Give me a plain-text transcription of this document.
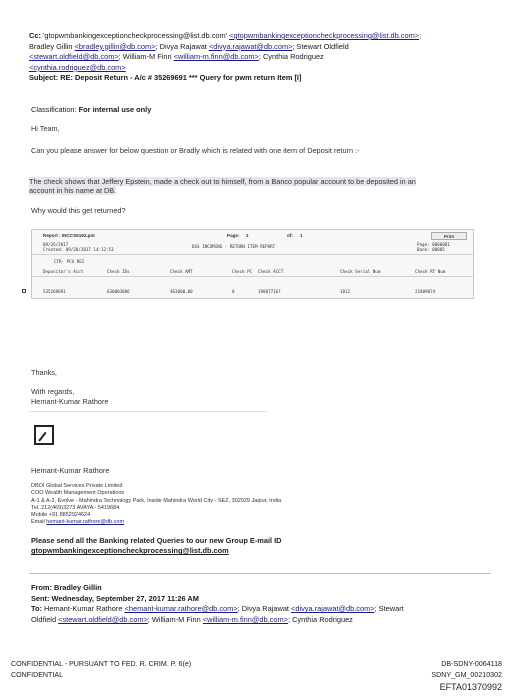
Cc: 'gtopwmbankingexceptioncheckprocessing@list.db.com' <gtopwmbankingexceptioncheckprocessing@list.db.com>;
Bradley Gillin <bradley.gillin@db.com>; Divya Rajawat <divya.rajawat@db.com>; Stewart Oldfield
<stewart.oldfield@db.com>; William-M Finn <william-m.finn@db.com>; Cynthia Rodriguez
<cynthia.rodriguez@db.com>
Subject: RE: Deposit Return - A/c # 35269691 *** Query for pwm return Item [I]
Classification: For internal use only
Hi Team,
Can you please answer for below question or Bradly which is related with one item of Deposit return :-
The check shows that Jeffery Epstein, made a check out to himself, from a Banco popular account to be deposited in an
account in his name at DB.
Why would this get returned?
Report : INCCS5192.pnt	Page: 1	of: 1	Print
09/26/2017
Created: 09/28/2017 14:12:53
DSS INCOMING - RETURN ITEM REPORT	Page: 0000001
Bank: 00005
CTR- PCU REI
Depositor's Acct	Check IDs	Check AMT	Check PC Check ACCT	Check Serial Num	Check RT Num
535269691	630003886	463000.00	0	190077167	1012	21809874
Thanks,
With regards,
Hemant-Kumar Rathore
Hemant-Kumar Rathore
DBOI Global Services Private Limited
COO Wealth Management Operations
A-1 & A-2, Evolve - Mahindra Technology Park, Inside Mahindra World City - SEZ, 302029 Jaipur, India
Tel. 212(469)3273 AVAYA - 5419684
Mobile +91 8852924624
Email hemant-kumar.rathore@db.com
Please send all the Banking related Queries to our new Group E-mail ID
gtopwmbankingexceptioncheckprocessing@list.db.com
From: Bradley Gillin
Sent: Wednesday, September 27, 2017 11:26 AM
To: Hemant-Kumar Rathore <hemant-kumar.rathore@db.com>; Divya Rajawat <divya.rajawat@db.com>; Stewart
Oldfield <stewart.oldfield@db.com>; William-M Finn <william-m.finn@db.com>; Cynthia Rodriguez
CONFIDENTIAL - PURSUANT TO FED. R. CRIM. P. 6(e)
CONFIDENTIAL
DB-SDNY-0064118
SDNY_GM_00210302
EFTA01370992
